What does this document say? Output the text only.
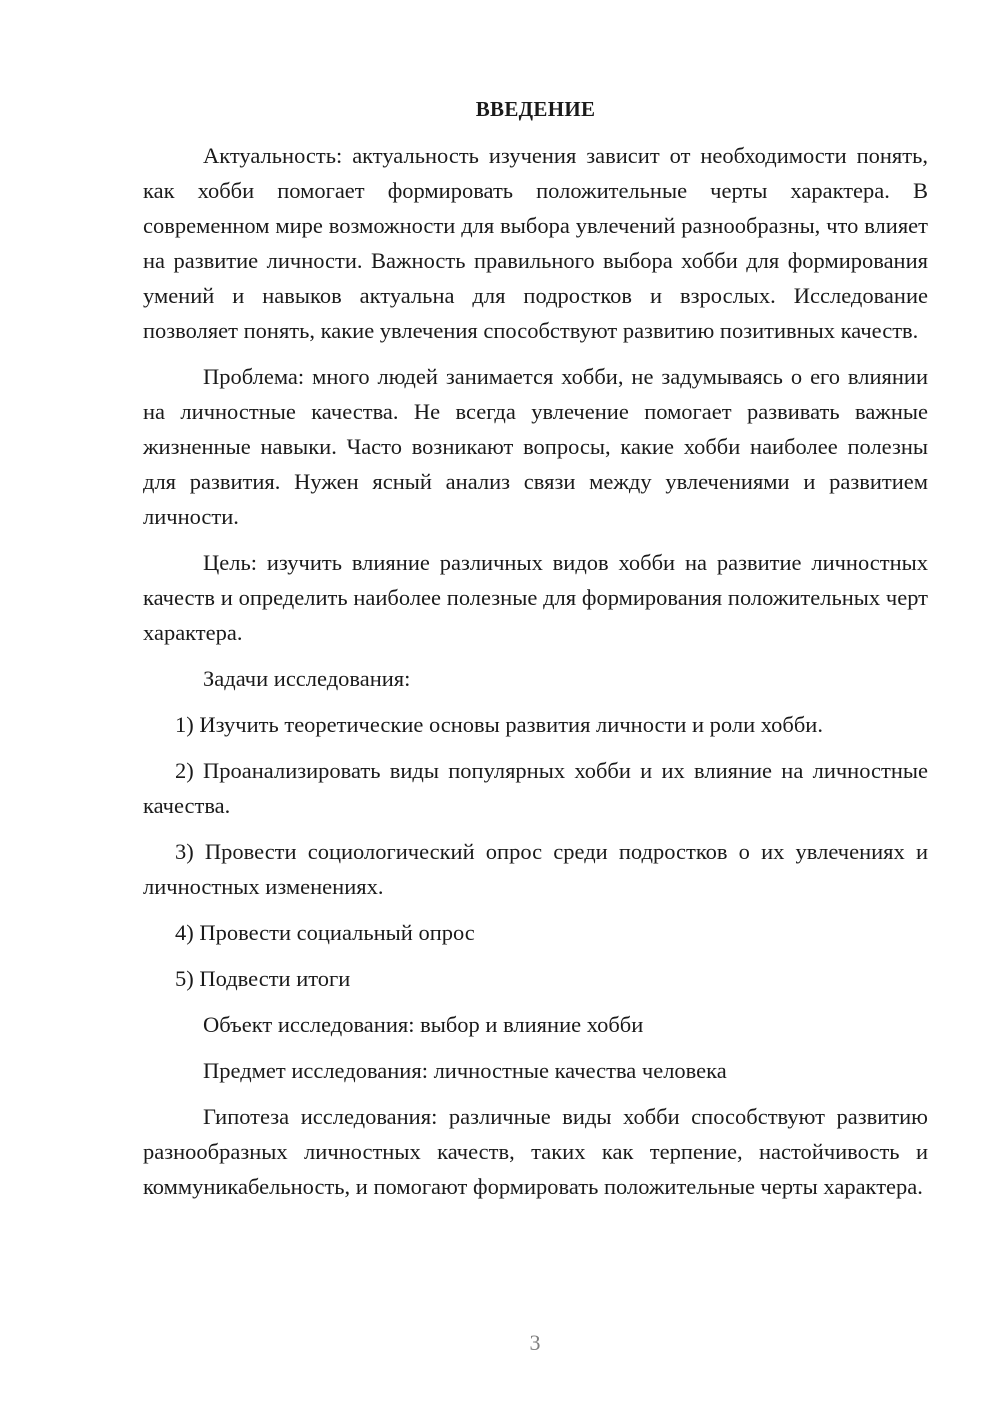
ВВЕДЕНИЕ

Актуальность: актуальность изучения зависит от необходимости понять, как хобби помогает формировать положительные черты характера. В современном мире возможности для выбора увлечений разнообразны, что влияет на развитие личности. Важность правильного выбора хобби для формирования умений и навыков актуальна для подростков и взрослых. Исследование позволяет понять, какие увлечения способствуют развитию позитивных качеств.

Проблема: много людей занимается хобби, не задумываясь о его влиянии на личностные качества. Не всегда увлечение помогает развивать важные жизненные навыки. Часто возникают вопросы, какие хобби наиболее полезны для развития. Нужен ясный анализ связи между увлечениями и развитием личности.

Цель: изучить влияние различных видов хобби на развитие личностных качеств и определить наиболее полезные для формирования положительных черт характера.

Задачи исследования:

1) Изучить теоретические основы развития личности и роли хобби.

2) Проанализировать виды популярных хобби и их влияние на личностные качества.

3) Провести социологический опрос среди подростков о их увлечениях и личностных изменениях.

4) Провести социальный опрос

5) Подвести итоги

Объект исследования: выбор и влияние хобби

Предмет исследования: личностные качества человека

Гипотеза исследования: различные виды хобби способствуют развитию разнообразных личностных качеств, таких как терпение, настойчивость и коммуникабельность, и помогают формировать положительные черты характера.

3
